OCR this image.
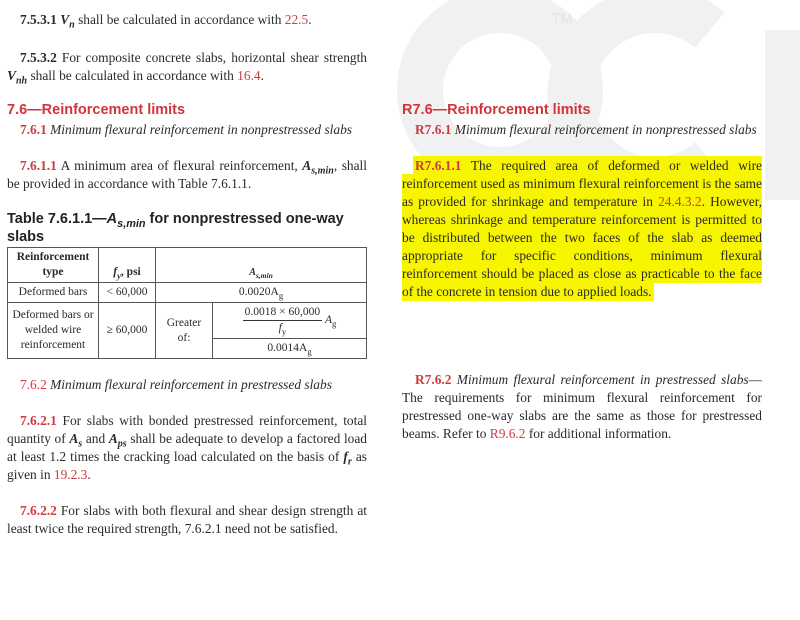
TM

7.5.3.1 $V_n$ shall be calculated in accordance with 22.5.

7.5.3.2 For composite concrete slabs, horizontal shear strength $V_{nh}$ shall be calculated in accordance with 16.4.

7.6—Reinforcement limits

7.6.1 Minimum flexural reinforcement in nonprestressed slabs

7.6.1.1 A minimum area of flexural reinforcement, $A_{s,min}$, shall be provided in accordance with Table 7.6.1.1.

Table $7.6.1.1—A_{s,min}$ for nonprestressed one-way slabs

Reinforcement type	$f_y$, psi	$A_{s,min}$
Deformed bars	< 60,000	$0.0020A_g$
Deformed bars or welded wire reinforcement	≥ 60,000	Greater of:	$\frac{0.0018 \times 60,000}{f_y} A_g$
			$0.0014A_g$

7.6.2 Minimum flexural reinforcement in prestressed slabs

7.6.2.1 For slabs with bonded prestressed reinforcement, total quantity of $A_s$ and $A_{ps}$ shall be adequate to develop a factored load at least 1.2 times the cracking load calculated on the basis of $f_r$ as given in 19.2.3.

7.6.2.2 For slabs with both flexural and shear design strength at least twice the required strength, 7.6.2.1 need not be satisfied.

R7.6—Reinforcement limits

R7.6.1 Minimum flexural reinforcement in nonprestressed slabs

R7.6.1.1 The required area of deformed or welded wire reinforcement used as minimum flexural reinforcement is the same as provided for shrinkage and temperature in 24.4.3.2. However, whereas shrinkage and temperature reinforcement is permitted to be distributed between the two faces of the slab as deemed appropriate for specific conditions, minimum flexural reinforcement should be placed as close as practicable to the face of the concrete in tension due to applied loads.

R7.6.2 Minimum flexural reinforcement in prestressed slabs—The requirements for minimum flexural reinforcement for prestressed one-way slabs are the same as those for prestressed beams. Refer to R9.6.2 for additional information.
